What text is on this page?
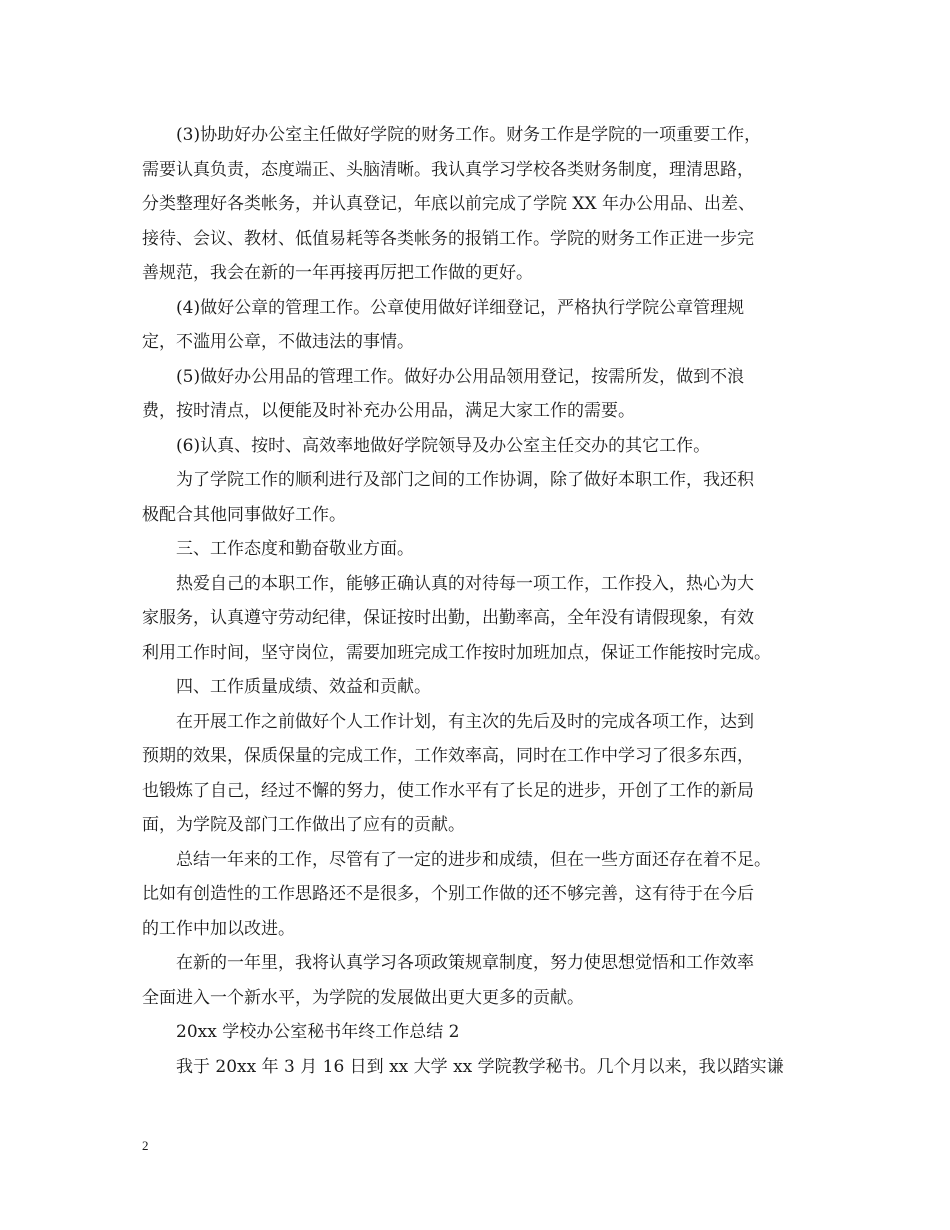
(3)协助好办公室主任做好学院的财务工作。财务工作是学院的一项重要工作，
需要认真负责，态度端正、头脑清晰。我认真学习学校各类财务制度，理清思路，
分类整理好各类帐务，并认真登记，年底以前完成了学院 XX 年办公用品、出差、
接待、会议、教材、低值易耗等各类帐务的报销工作。学院的财务工作正进一步完
善规范，我会在新的一年再接再厉把工作做的更好。
(4)做好公章的管理工作。公章使用做好详细登记，严格执行学院公章管理规
定，不滥用公章，不做违法的事情。
(5)做好办公用品的管理工作。做好办公用品领用登记，按需所发，做到不浪
费，按时清点，以便能及时补充办公用品，满足大家工作的需要。
(6)认真、按时、高效率地做好学院领导及办公室主任交办的其它工作。
为了学院工作的顺利进行及部门之间的工作协调，除了做好本职工作，我还积
极配合其他同事做好工作。
三、工作态度和勤奋敬业方面。
热爱自己的本职工作，能够正确认真的对待每一项工作，工作投入，热心为大
家服务，认真遵守劳动纪律，保证按时出勤，出勤率高，全年没有请假现象，有效
利用工作时间，坚守岗位，需要加班完成工作按时加班加点，保证工作能按时完成。
四、工作质量成绩、效益和贡献。
在开展工作之前做好个人工作计划，有主次的先后及时的完成各项工作，达到
预期的效果，保质保量的完成工作，工作效率高，同时在工作中学习了很多东西，
也锻炼了自己，经过不懈的努力，使工作水平有了长足的进步，开创了工作的新局
面，为学院及部门工作做出了应有的贡献。
总结一年来的工作，尽管有了一定的进步和成绩，但在一些方面还存在着不足。
比如有创造性的工作思路还不是很多，个别工作做的还不够完善，这有待于在今后
的工作中加以改进。
在新的一年里，我将认真学习各项政策规章制度，努力使思想觉悟和工作效率
全面进入一个新水平，为学院的发展做出更大更多的贡献。
20xx 学校办公室秘书年终工作总结 2
我于 20xx 年 3 月 16 日到 xx 大学 xx 学院教学秘书。几个月以来，我以踏实谦
2
